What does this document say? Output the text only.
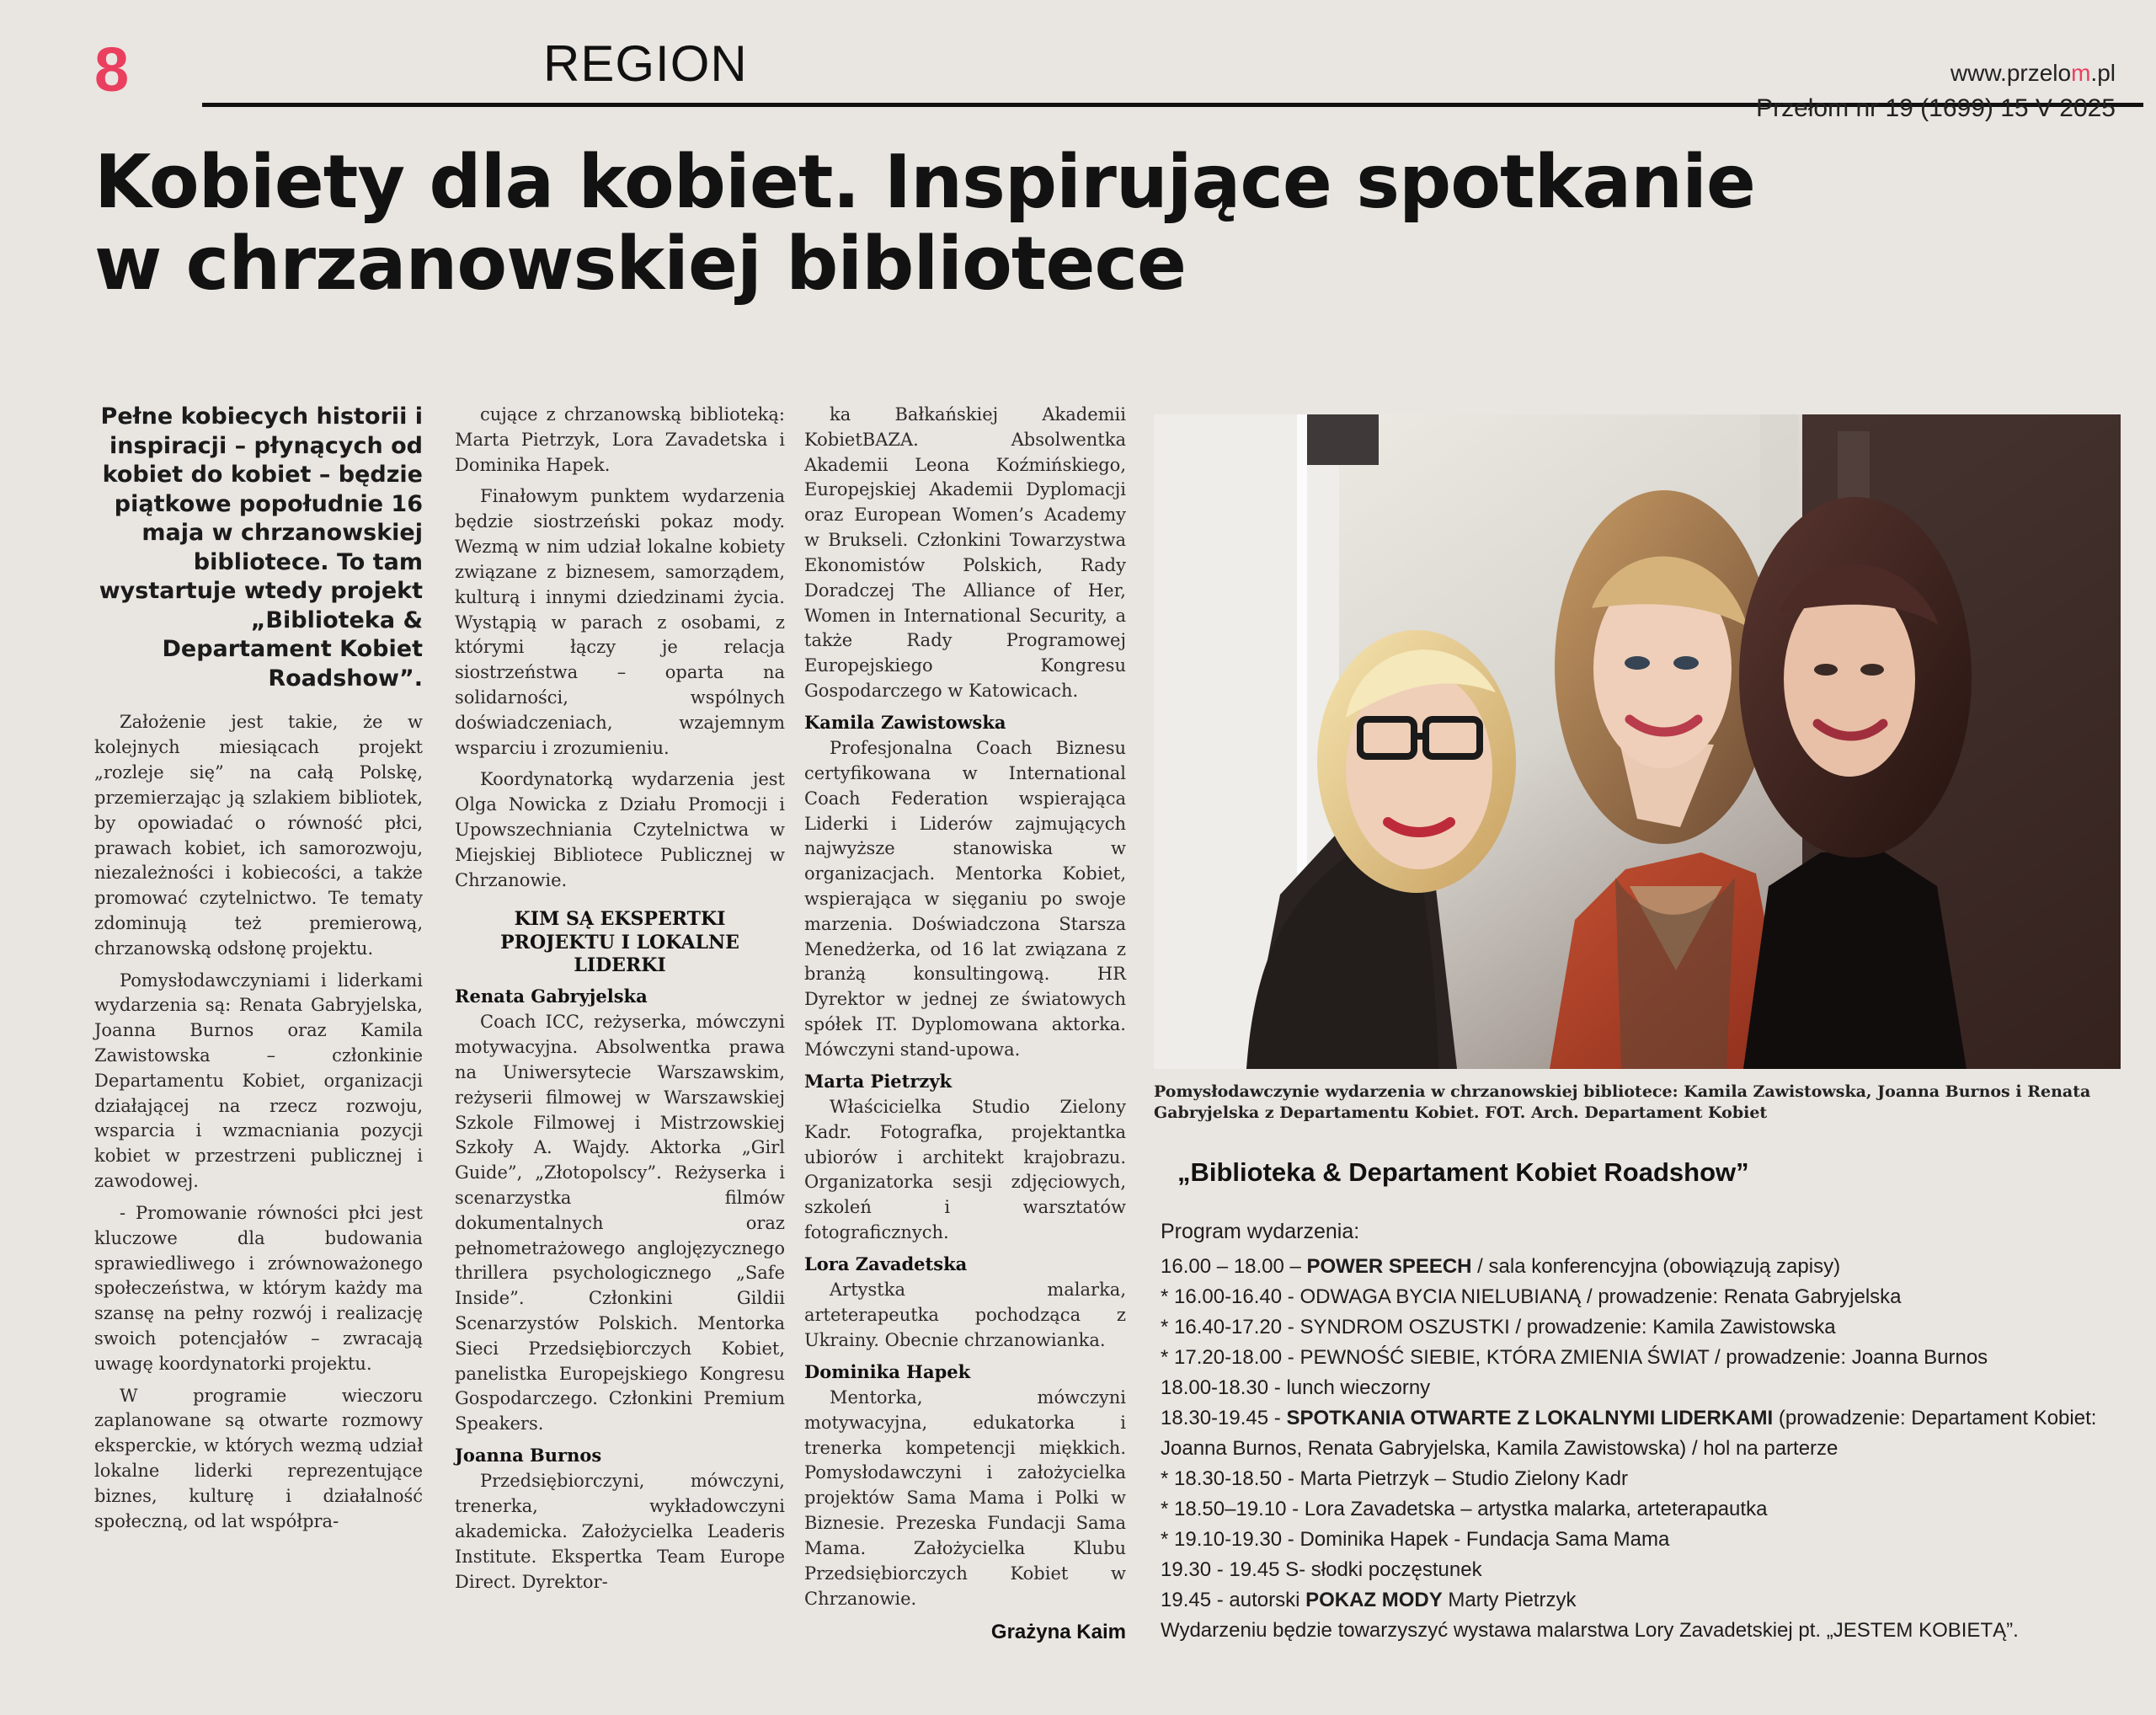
8	REGION	www.przelom.pl
Przełom nr 19 (1699) 15 V 2025
Kobiety dla kobiet. Inspirujące spotkanie
w chrzanowskiej bibliotece
Pełne kobiecych historii i inspiracji – płynących od kobiet do kobiet – będzie piątkowe popołudnie 16 maja w chrzanowskiej bibliotece. To tam wystartuje wtedy projekt „Biblioteka & Departament Kobiet Roadshow”.

Założenie jest takie, że w kolejnych miesiącach projekt „rozleje się” na całą Polskę, przemierzając ją szlakiem bibliotek, by opowiadać o równość płci, prawach kobiet, ich samorozwoju, niezależności i kobiecości, a także promować czytelnictwo. Te tematy zdominują też premierową, chrzanowską odsłonę projektu.

Pomysłodawczyniami i liderkami wydarzenia są: Renata Gabryjelska, Joanna Burnos oraz Kamila Zawistowska – członkinie Departamentu Kobiet, organizacji działającej na rzecz rozwoju, wsparcia i wzmacniania pozycji kobiet w przestrzeni publicznej i zawodowej.

- Promowanie równości płci jest kluczowe dla budowania sprawiedliwego i zrównoważonego społeczeństwa, w którym każdy ma szansę na pełny rozwój i realizację swoich potencjałów – zwracają uwagę koordynatorki projektu.

W programie wieczoru zaplanowane są otwarte rozmowy eksperckie, w których wezmą udział lokalne liderki reprezentujące biznes, kulturę i działalność społeczną, od lat współpra-

cujące z chrzanowską biblioteką: Marta Pietrzyk, Lora Zavadetska i Dominika Hapek.

Finałowym punktem wydarzenia będzie siostrzeński pokaz mody. Wezmą w nim udział lokalne kobiety związane z biznesem, samorządem, kulturą i innymi dziedzinami życia. Wystąpią w parach z osobami, z którymi łączy je relacja siostrzeństwa – oparta na solidarności, wspólnych doświadczeniach, wzajemnym wsparciu i zrozumieniu.

Koordynatorką wydarzenia jest Olga Nowicka z Działu Promocji i Upowszechniania Czytelnictwa w Miejskiej Bibliotece Publicznej w Chrzanowie.

KIM SĄ EKSPERTKI PROJEKTU I LOKALNE LIDERKI
Renata Gabryjelska

Coach ICC, reżyserka, mówczyni motywacyjna. Absolwentka prawa na Uniwersytecie Warszawskim, reżyserii filmowej w Warszawskiej Szkole Filmowej i Mistrzowskiej Szkoły A. Wajdy. Aktorka „Girl Guide”, „Złotopolscy”. Reżyserka i scenarzystka filmów dokumentalnych oraz pełnometrażowego anglojęzycznego thrillera psychologicznego „Safe Inside”. Członkini Gildii Scenarzystów Polskich. Mentorka Sieci Przedsiębiorczych Kobiet, panelistka Europejskiego Kongresu Gospodarczego. Członkini Premium Speakers.

Joanna Burnos

Przedsiębiorczyni, mówczyni, trenerka, wykładowczyni akademicka. Założycielka Leaderis Institute. Ekspertka Team Europe Direct. Dyrektor-

ka Bałkańskiej Akademii KobietBAZA. Absolwentka Akademii Leona Koźmińskiego, Europejskiej Akademii Dyplomacji oraz European Women’s Academy w Brukseli. Członkini Towarzystwa Ekonomistów Polskich, Rady Doradczej The Alliance of Her, Women in International Security, a także Rady Programowej Europejskiego Kongresu Gospodarczego w Katowicach.

Kamila Zawistowska

Profesjonalna Coach Biznesu certyfikowana w International Coach Federation wspierająca Liderki i Liderów zajmujących najwyższe stanowiska w organizacjach. Mentorka Kobiet, wspierająca w sięganiu po swoje marzenia. Doświadczona Starsza Menedżerka, od 16 lat związana z branżą konsultingową. HR Dyrektor w jednej ze światowych spółek IT. Dyplomowana aktorka. Mówczyni stand-upowa.

Marta Pietrzyk

Właścicielka Studio Zielony Kadr. Fotografka, projektantka ubiorów i architekt krajobrazu. Organizatorka sesji zdjęciowych, szkoleń i warsztatów fotograficznych.

Lora Zavadetska

Artystka malarka, arteterapeutka pochodząca z Ukrainy. Obecnie chrzanowianka.

Dominika Hapek

Mentorka, mówczyni motywacyjna, edukatorka i trenerka kompetencji miękkich. Pomysłodawczyni i założycielka projektów Sama Mama i Polki w Biznesie. Prezeska Fundacji Sama Mama. Założycielka Klubu Przedsiębiorczych Kobiet w Chrzanowie.

Grażyna Kaim
Pomysłodawczynie wydarzenia w chrzanowskiej bibliotece: Kamila Zawistowska, Joanna Burnos i Renata Gabryjelska z Departamentu Kobiet. FOT. Arch. Departament Kobiet
„Biblioteka & Departament Kobiet Roadshow”
Program wydarzenia:

16.00 – 18.00 – POWER SPEECH / sala konferencyjna (obowiązują zapisy)

* 16.00-16.40 - ODWAGA BYCIA NIELUBIANĄ / prowadzenie: Renata Gabryjelska

* 16.40-17.20 - SYNDROM OSZUSTKI / prowadzenie: Kamila Zawistowska

* 17.20-18.00 - PEWNOŚĆ SIEBIE, KTÓRA ZMIENIA ŚWIAT / prowadzenie: Joanna Burnos

18.00-18.30 - lunch wieczorny

18.30-19.45 - SPOTKANIA OTWARTE Z LOKALNYMI LIDERKAMI (prowadzenie: Departament Kobiet: Joanna Burnos, Renata Gabryjelska, Kamila Zawistowska) / hol na parterze

* 18.30-18.50 - Marta Pietrzyk – Studio Zielony Kadr

* 18.50–19.10 - Lora Zavadetska – artystka malarka, arteterapautka

* 19.10-19.30 - Dominika Hapek - Fundacja Sama Mama

19.30 - 19.45 S- słodki poczęstunek

19.45 - autorski POKAZ MODY Marty Pietrzyk

Wydarzeniu będzie towarzyszyć wystawa malarstwa Lory Zavadetskiej pt. „JESTEM KOBIETĄ”.
